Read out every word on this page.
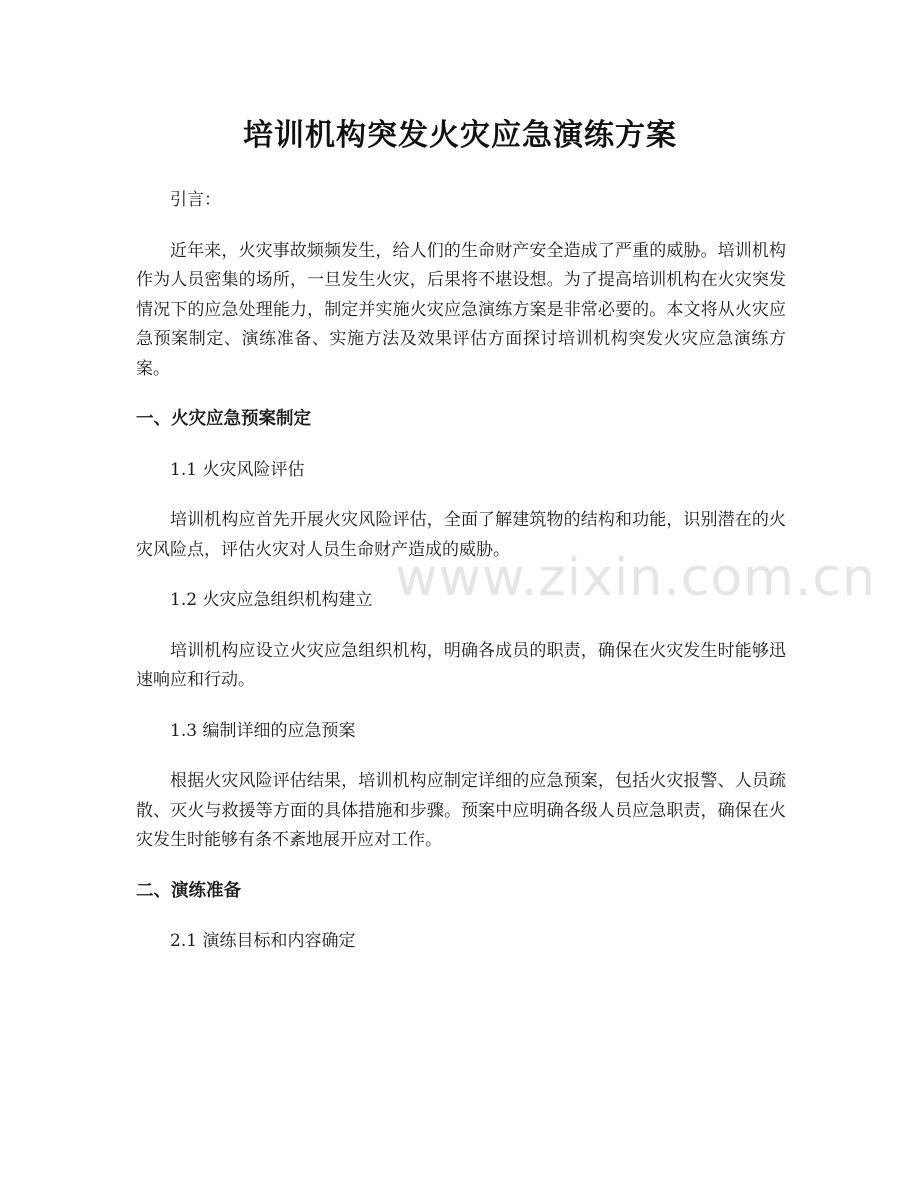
培训机构突发火灾应急演练方案
引言：

近年来，火灾事故频频发生，给人们的生命财产安全造成了严重的威胁。培训机构作为人员密集的场所，一旦发生火灾，后果将不堪设想。为了提高培训机构在火灾突发情况下的应急处理能力，制定并实施火灾应急演练方案是非常必要的。本文将从火灾应急预案制定、演练准备、实施方法及效果评估方面探讨培训机构突发火灾应急演练方案。

一、火灾应急预案制定
1.1 火灾风险评估

培训机构应首先开展火灾风险评估，全面了解建筑物的结构和功能，识别潜在的火灾风险点，评估火灾对人员生命财产造成的威胁。

1.2 火灾应急组织机构建立

培训机构应设立火灾应急组织机构，明确各成员的职责，确保在火灾发生时能够迅速响应和行动。

1.3 编制详细的应急预案

根据火灾风险评估结果，培训机构应制定详细的应急预案，包括火灾报警、人员疏散、灭火与救援等方面的具体措施和步骤。预案中应明确各级人员应急职责，确保在火灾发生时能够有条不紊地展开应对工作。

二、演练准备
2.1 演练目标和内容确定
www.zixin.com.cn
